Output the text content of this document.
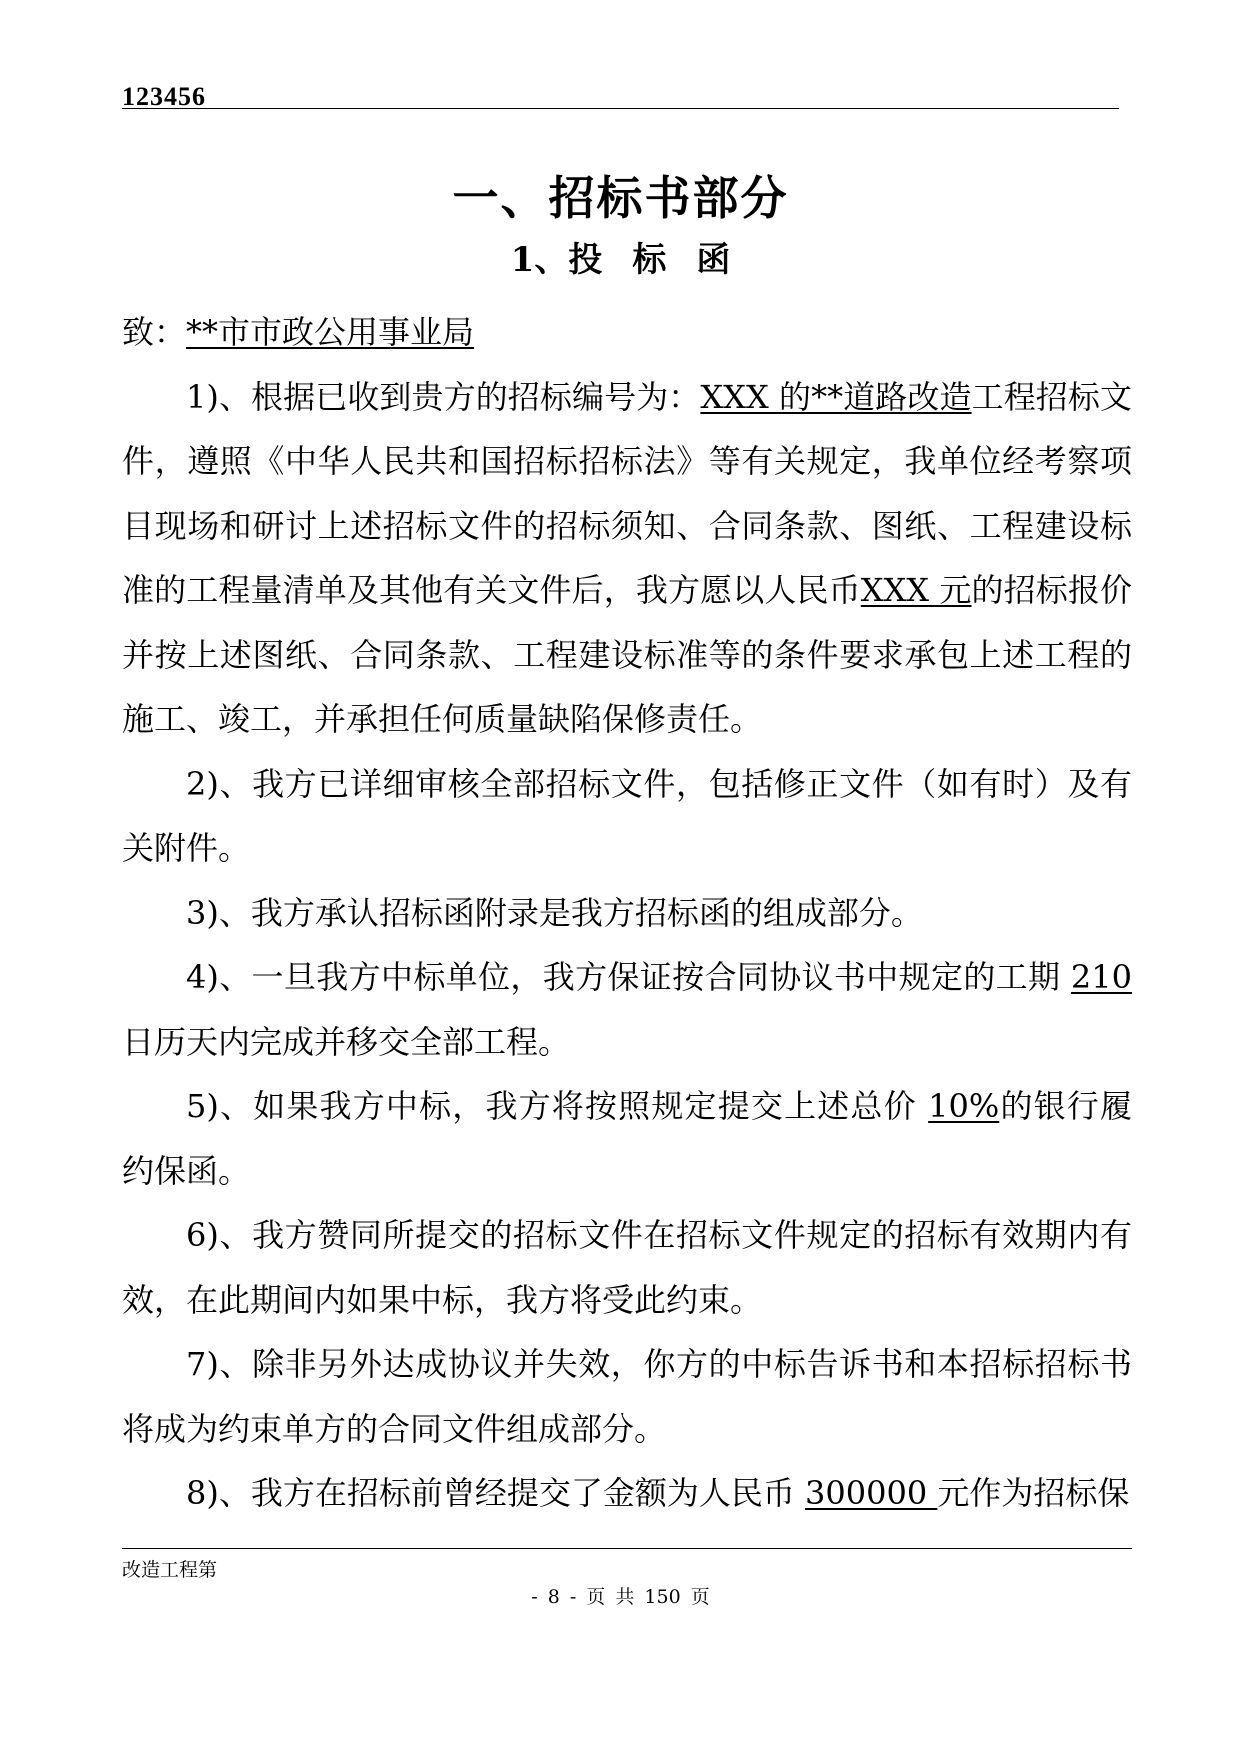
123456
一、招标书部分
1、投 标 函

致：**市市政公用事业局

1)、根据已收到贵方的招标编号为：XXX 的**道路改造工程招标文件，遵照《中华人民共和国招标招标法》等有关规定，我单位经考察项目现场和研讨上述招标文件的招标须知、合同条款、图纸、工程建设标准的工程量清单及其他有关文件后，我方愿以人民币XXX 元的招标报价并按上述图纸、合同条款、工程建设标准等的条件要求承包上述工程的施工、竣工，并承担任何质量缺陷保修责任。

2)、我方已详细审核全部招标文件，包括修正文件（如有时）及有关附件。

3)、我方承认招标函附录是我方招标函的组成部分。

4)、一旦我方中标单位，我方保证按合同协议书中规定的工期 210日历天内完成并移交全部工程。

5)、如果我方中标，我方将按照规定提交上述总价 10%的银行履约保函。

6)、我方赞同所提交的招标文件在招标文件规定的招标有效期内有效，在此期间内如果中标，我方将受此约束。

7)、除非另外达成协议并失效，你方的中标告诉书和本招标招标书将成为约束单方的合同文件组成部分。

8)、我方在招标前曾经提交了金额为人民币 300000 元作为招标保

改造工程第
- 8 - 页 共 150 页
